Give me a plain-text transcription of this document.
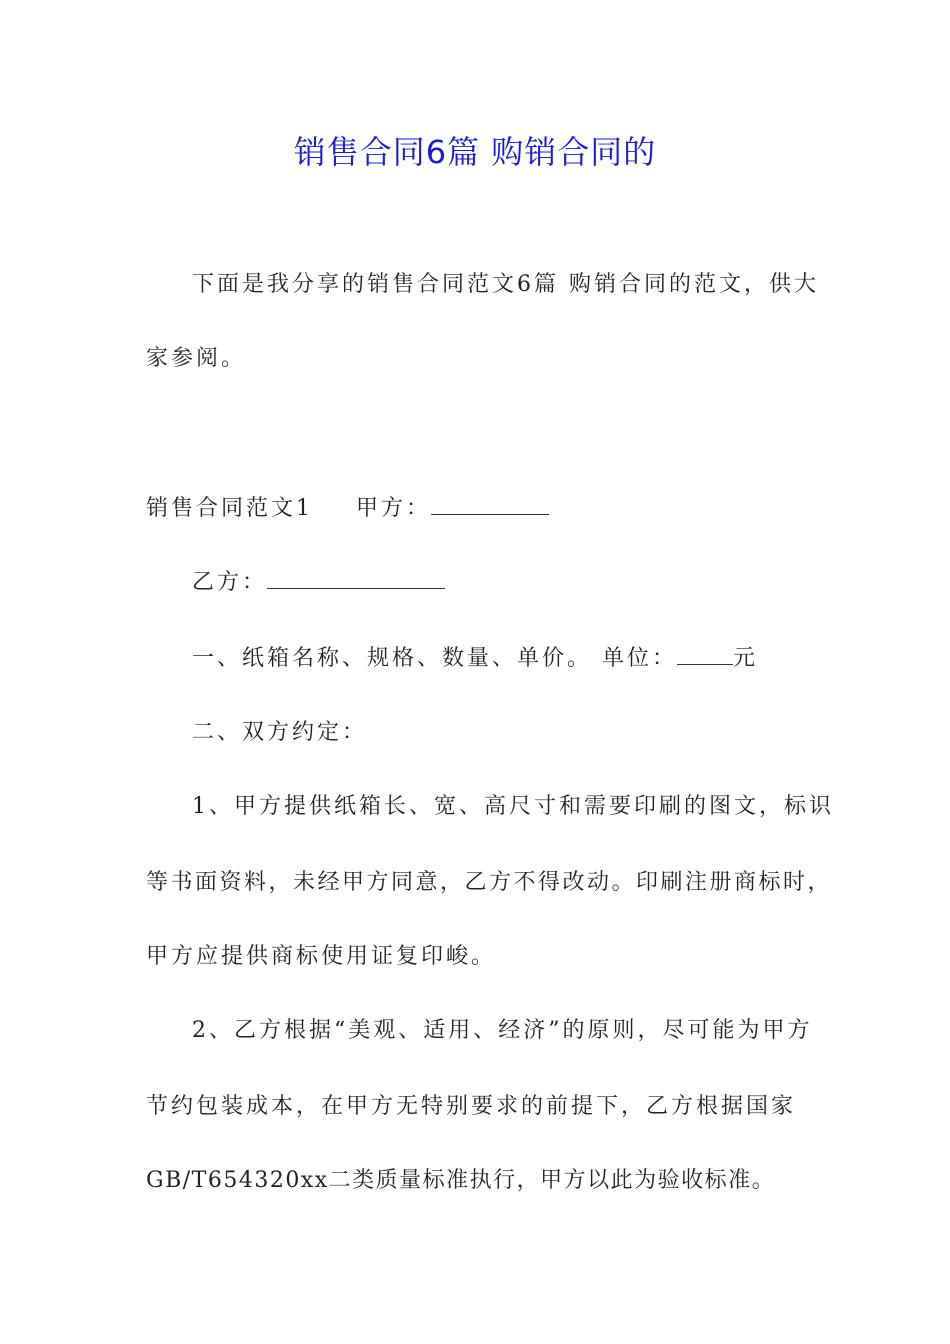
销售合同6篇 购销合同的
下面是我分享的销售合同范文6篇 购销合同的范文，供大
家参阅。
销售合同范文1 甲方：
乙方：
一、纸箱名称、规格、数量、单价。 单位：	元
二、双方约定：
1、甲方提供纸箱长、宽、高尺寸和需要印刷的图文，标识
等书面资料，未经甲方同意，乙方不得改动。印刷注册商标时，
甲方应提供商标使用证复印峻。
2、乙方根据“美观、适用、经济”的原则，尽可能为甲方
节约包装成本，在甲方无特别要求的前提下，乙方根据国家
GB/T654320xx二类质量标准执行，甲方以此为验收标准。
